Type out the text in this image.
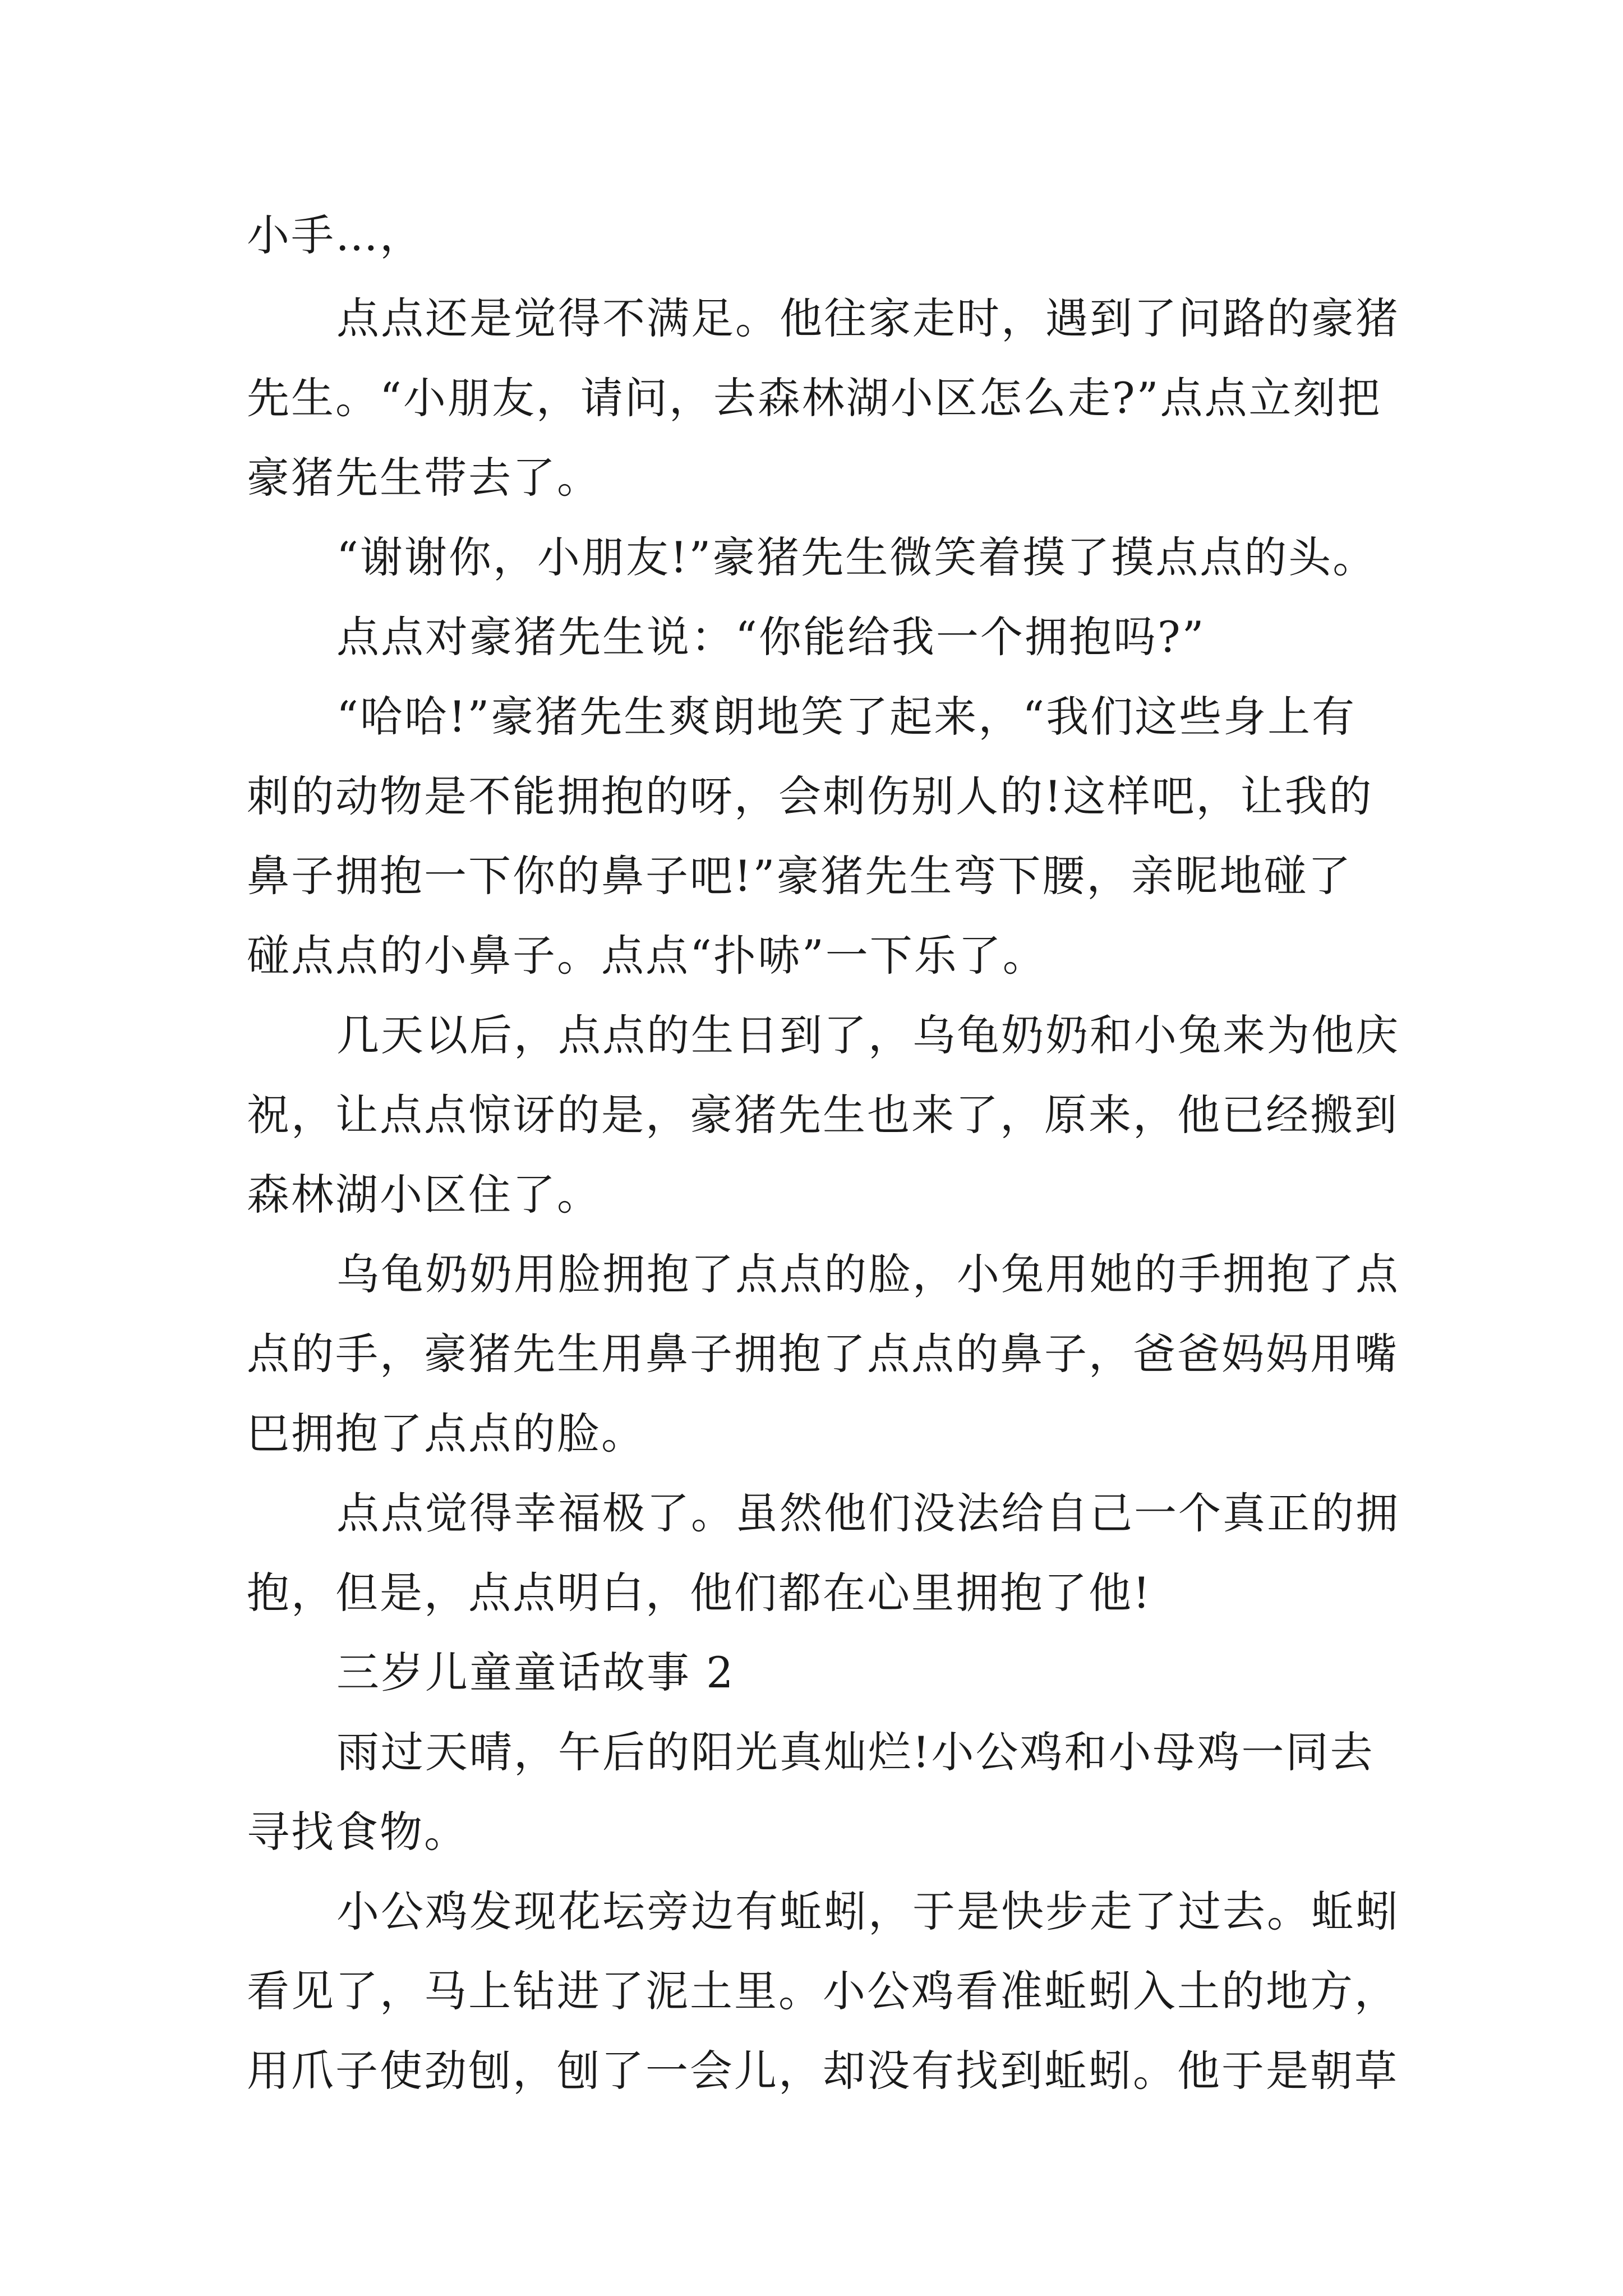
小手…，

点点还是觉得不满足。他往家走时，遇到了问路的豪猪

先生。“小朋友，请问，去森林湖小区怎么走?”点点立刻把

豪猪先生带去了。

“谢谢你，小朋友!”豪猪先生微笑着摸了摸点点的头。

点点对豪猪先生说：“你能给我一个拥抱吗?”

“哈哈!”豪猪先生爽朗地笑了起来，“我们这些身上有

刺的动物是不能拥抱的呀，会刺伤别人的!这样吧，让我的

鼻子拥抱一下你的鼻子吧!”豪猪先生弯下腰，亲昵地碰了

碰点点的小鼻子。点点“扑哧”一下乐了。

几天以后，点点的生日到了，乌龟奶奶和小兔来为他庆

祝，让点点惊讶的是，豪猪先生也来了，原来，他已经搬到

森林湖小区住了。

乌龟奶奶用脸拥抱了点点的脸，小兔用她的手拥抱了点

点的手，豪猪先生用鼻子拥抱了点点的鼻子，爸爸妈妈用嘴

巴拥抱了点点的脸。

点点觉得幸福极了。虽然他们没法给自己一个真正的拥

抱，但是，点点明白，他们都在心里拥抱了他!

三岁儿童童话故事 2

雨过天晴，午后的阳光真灿烂!小公鸡和小母鸡一同去

寻找食物。

小公鸡发现花坛旁边有蚯蚓，于是快步走了过去。蚯蚓

看见了，马上钻进了泥土里。小公鸡看准蚯蚓入土的地方，

用爪子使劲刨，刨了一会儿，却没有找到蚯蚓。他于是朝草
